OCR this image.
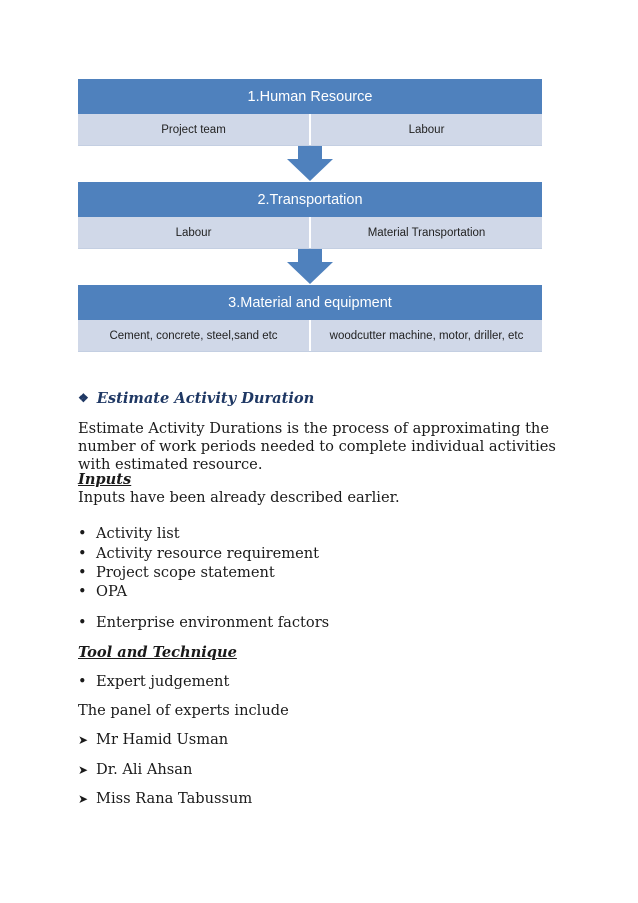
1.Human Resource
Project team	Labour
2.Transportation
Labour	Material Transportation
3.Material and equipment
Cement, concrete, steel,sand etc	woodcutter machine, motor, driller, etc
❖ Estimate Activity Duration
Estimate Activity Durations is the process of approximating the number of work periods needed to complete individual activities with estimated resource.
Inputs
Inputs have been already described earlier.
• Activity list
• Activity resource requirement
• Project scope statement
• OPA
• Enterprise environment factors
Tool and Technique
• Expert judgement
The panel of experts include
➤ Mr Hamid Usman
➤ Dr. Ali Ahsan
➤ Miss Rana Tabussum
